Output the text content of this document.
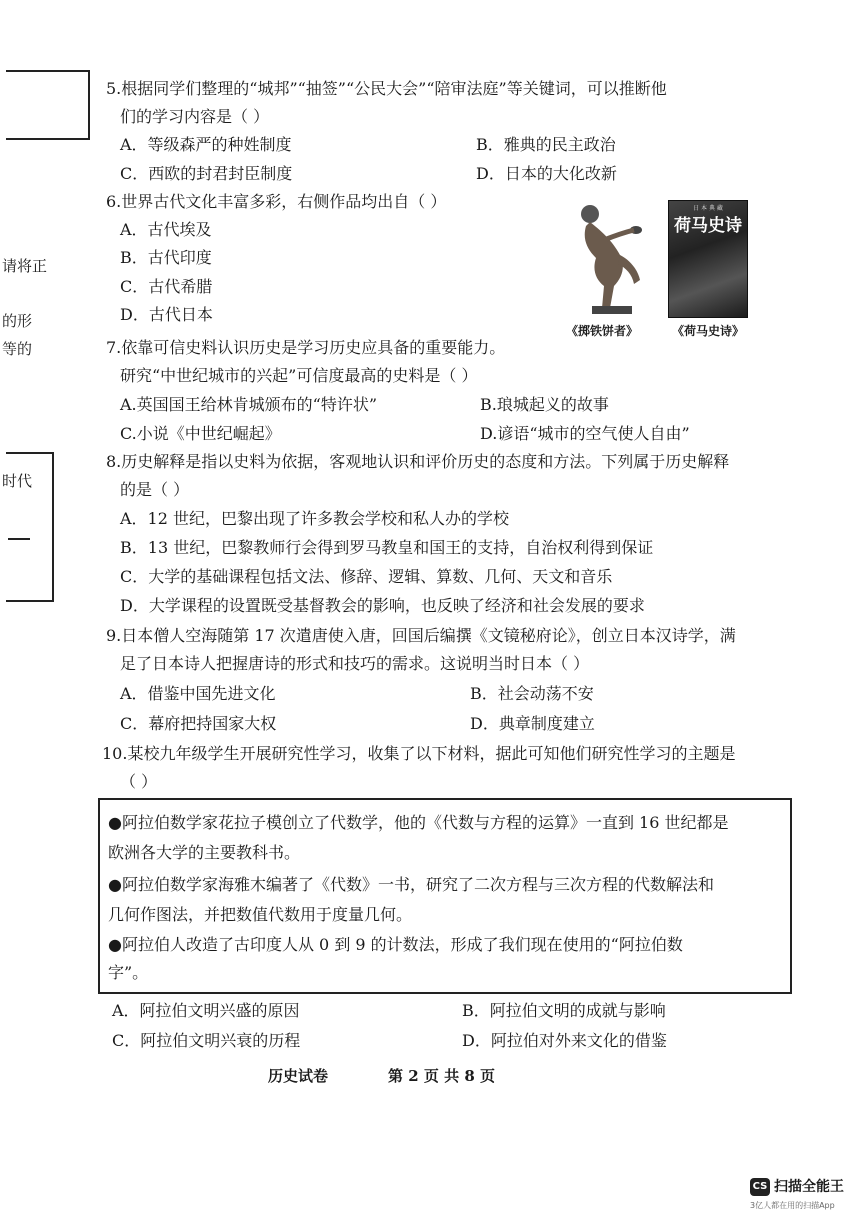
请将正
的形
等的
时代
5.根据同学们整理的“城邦”“抽签”“公民大会”“陪审法庭”等关键词，可以推断他
们的学习内容是（ ）
A．等级森严的种姓制度	B．雅典的民主政治
C．西欧的封君封臣制度	D．日本的大化改新
6.世界古代文化丰富多彩，右侧作品均出自（ ）
A．古代埃及
B．古代印度
C．古代希腊
D．古代日本
日 本 典 藏
荷马史诗
《掷铁饼者》	《荷马史诗》
7.依靠可信史料认识历史是学习历史应具备的重要能力。
研究“中世纪城市的兴起”可信度最高的史料是（ ）
A.英国国王给林肯城颁布的“特许状”	B.琅城起义的故事
C.小说《中世纪崛起》	D.谚语“城市的空气使人自由”
8.历史解释是指以史料为依据，客观地认识和评价历史的态度和方法。下列属于历史解释
的是（ ）
A．12 世纪，巴黎出现了许多教会学校和私人办的学校
B．13 世纪，巴黎教师行会得到罗马教皇和国王的支持，自治权利得到保证
C．大学的基础课程包括文法、修辞、逻辑、算数、几何、天文和音乐
D．大学课程的设置既受基督教会的影响，也反映了经济和社会发展的要求
9.日本僧人空海随第 17 次遣唐使入唐，回国后编撰《文镜秘府论》，创立日本汉诗学，满
足了日本诗人把握唐诗的形式和技巧的需求。这说明当时日本（ ）
A．借鉴中国先进文化	B．社会动荡不安
C．幕府把持国家大权	D．典章制度建立
10.某校九年级学生开展研究性学习，收集了以下材料，据此可知他们研究性学习的主题是
（ ）
●阿拉伯数学家花拉子模创立了代数学，他的《代数与方程的运算》一直到 16 世纪都是
欧洲各大学的主要教科书。
●阿拉伯数学家海雅木编著了《代数》一书，研究了二次方程与三次方程的代数解法和
几何作图法，并把数值代数用于度量几何。
●阿拉伯人改造了古印度人从 0 到 9 的计数法，形成了我们现在使用的“阿拉伯数
字”。
A．阿拉伯文明兴盛的原因	B．阿拉伯文明的成就与影响
C．阿拉伯文明兴衰的历程	D．阿拉伯对外来文化的借鉴
历史试卷	第 2 页 共 8 页
CS 扫描全能王
3亿人都在用的扫描App
